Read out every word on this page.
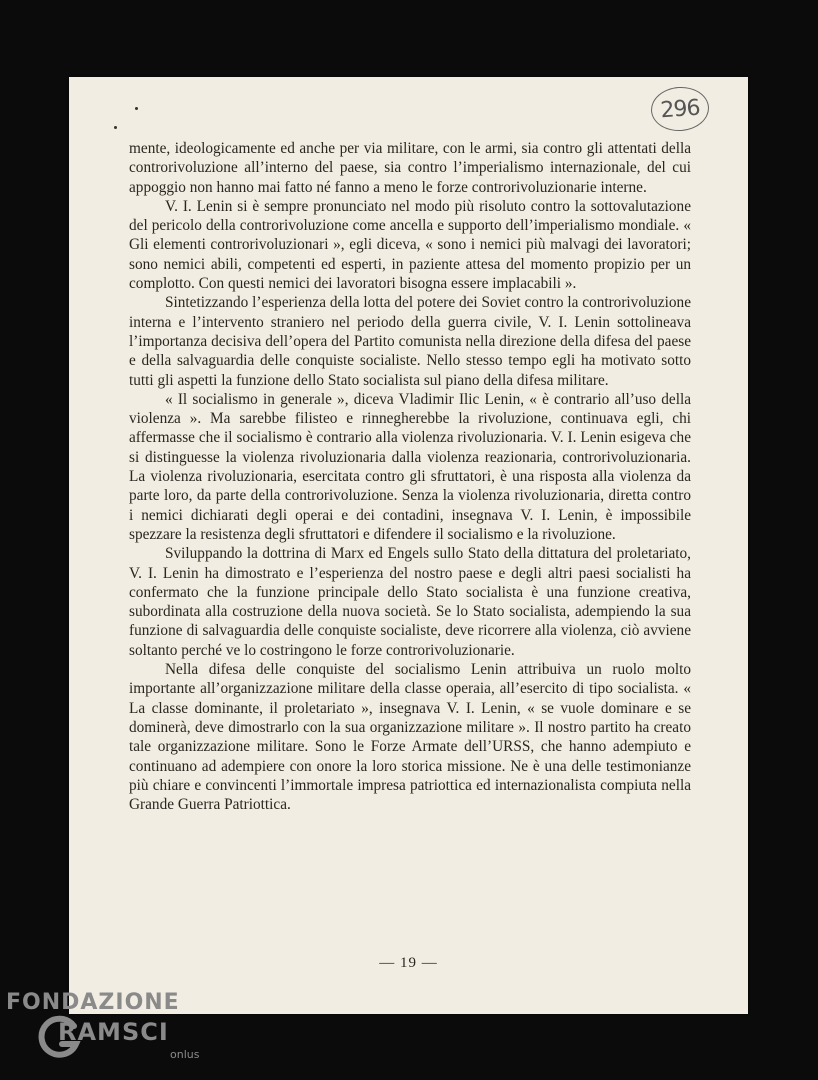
296

mente, ideologicamente ed anche per via militare, con le armi, sia contro gli attentati della controrivoluzione all’interno del paese, sia contro l’imperialismo internazionale, del cui appoggio non hanno mai fatto né fanno a meno le forze controrivoluzionarie interne.

V. I. Lenin si è sempre pronunciato nel modo più risoluto contro la sottovalutazione del pericolo della controrivoluzione come ancella e supporto dell’imperialismo mondiale. « Gli elementi controrivoluzionari », egli diceva, « sono i nemici più malvagi dei lavoratori; sono nemici abili, competenti ed esperti, in paziente attesa del momento propizio per un complotto. Con questi nemici dei lavoratori bisogna essere implacabili ».

Sintetizzando l’esperienza della lotta del potere dei Soviet contro la controrivoluzione interna e l’intervento straniero nel periodo della guerra civile, V. I. Lenin sottolineava l’importanza decisiva dell’opera del Partito comunista nella direzione della difesa del paese e della salvaguardia delle conquiste socialiste. Nello stesso tempo egli ha motivato sotto tutti gli aspetti la funzione dello Stato socialista sul piano della difesa militare.

« Il socialismo in generale », diceva Vladimir Ilic Lenin, « è contrario all’uso della violenza ». Ma sarebbe filisteo e rinnegherebbe la rivoluzione, continuava egli, chi affermasse che il socialismo è contrario alla violenza rivoluzionaria. V. I. Lenin esigeva che si distinguesse la violenza rivoluzionaria dalla violenza reazionaria, controrivoluzionaria. La violenza rivoluzionaria, esercitata contro gli sfruttatori, è una risposta alla violenza da parte loro, da parte della controrivoluzione. Senza la violenza rivoluzionaria, diretta contro i nemici dichiarati degli operai e dei contadini, insegnava V. I. Lenin, è impossibile spezzare la resistenza degli sfruttatori e difendere il socialismo e la rivoluzione.

Sviluppando la dottrina di Marx ed Engels sullo Stato della dittatura del proletariato, V. I. Lenin ha dimostrato e l’esperienza del nostro paese e degli altri paesi socialisti ha confermato che la funzione principale dello Stato socialista è una funzione creativa, subordinata alla costruzione della nuova società. Se lo Stato socialista, adempiendo la sua funzione di salvaguardia delle conquiste socialiste, deve ricorrere alla violenza, ciò avviene soltanto perché ve lo costringono le forze controrivoluzionarie.

Nella difesa delle conquiste del socialismo Lenin attribuiva un ruolo molto importante all’organizzazione militare della classe operaia, all’esercito di tipo socialista. « La classe dominante, il proletariato », insegnava V. I. Lenin, « se vuole dominare e se dominerà, deve dimostrarlo con la sua organizzazione militare ». Il nostro partito ha creato tale organizzazione militare. Sono le Forze Armate dell’URSS, che hanno adempiuto e continuano ad adempiere con onore la loro storica missione. Ne è una delle testimonianze più chiare e convincenti l’immortale impresa patriottica ed internazionalista compiuta nella Grande Guerra Patriottica.

— 19 —
FONDAZIONE
RAMSCI
onlus
